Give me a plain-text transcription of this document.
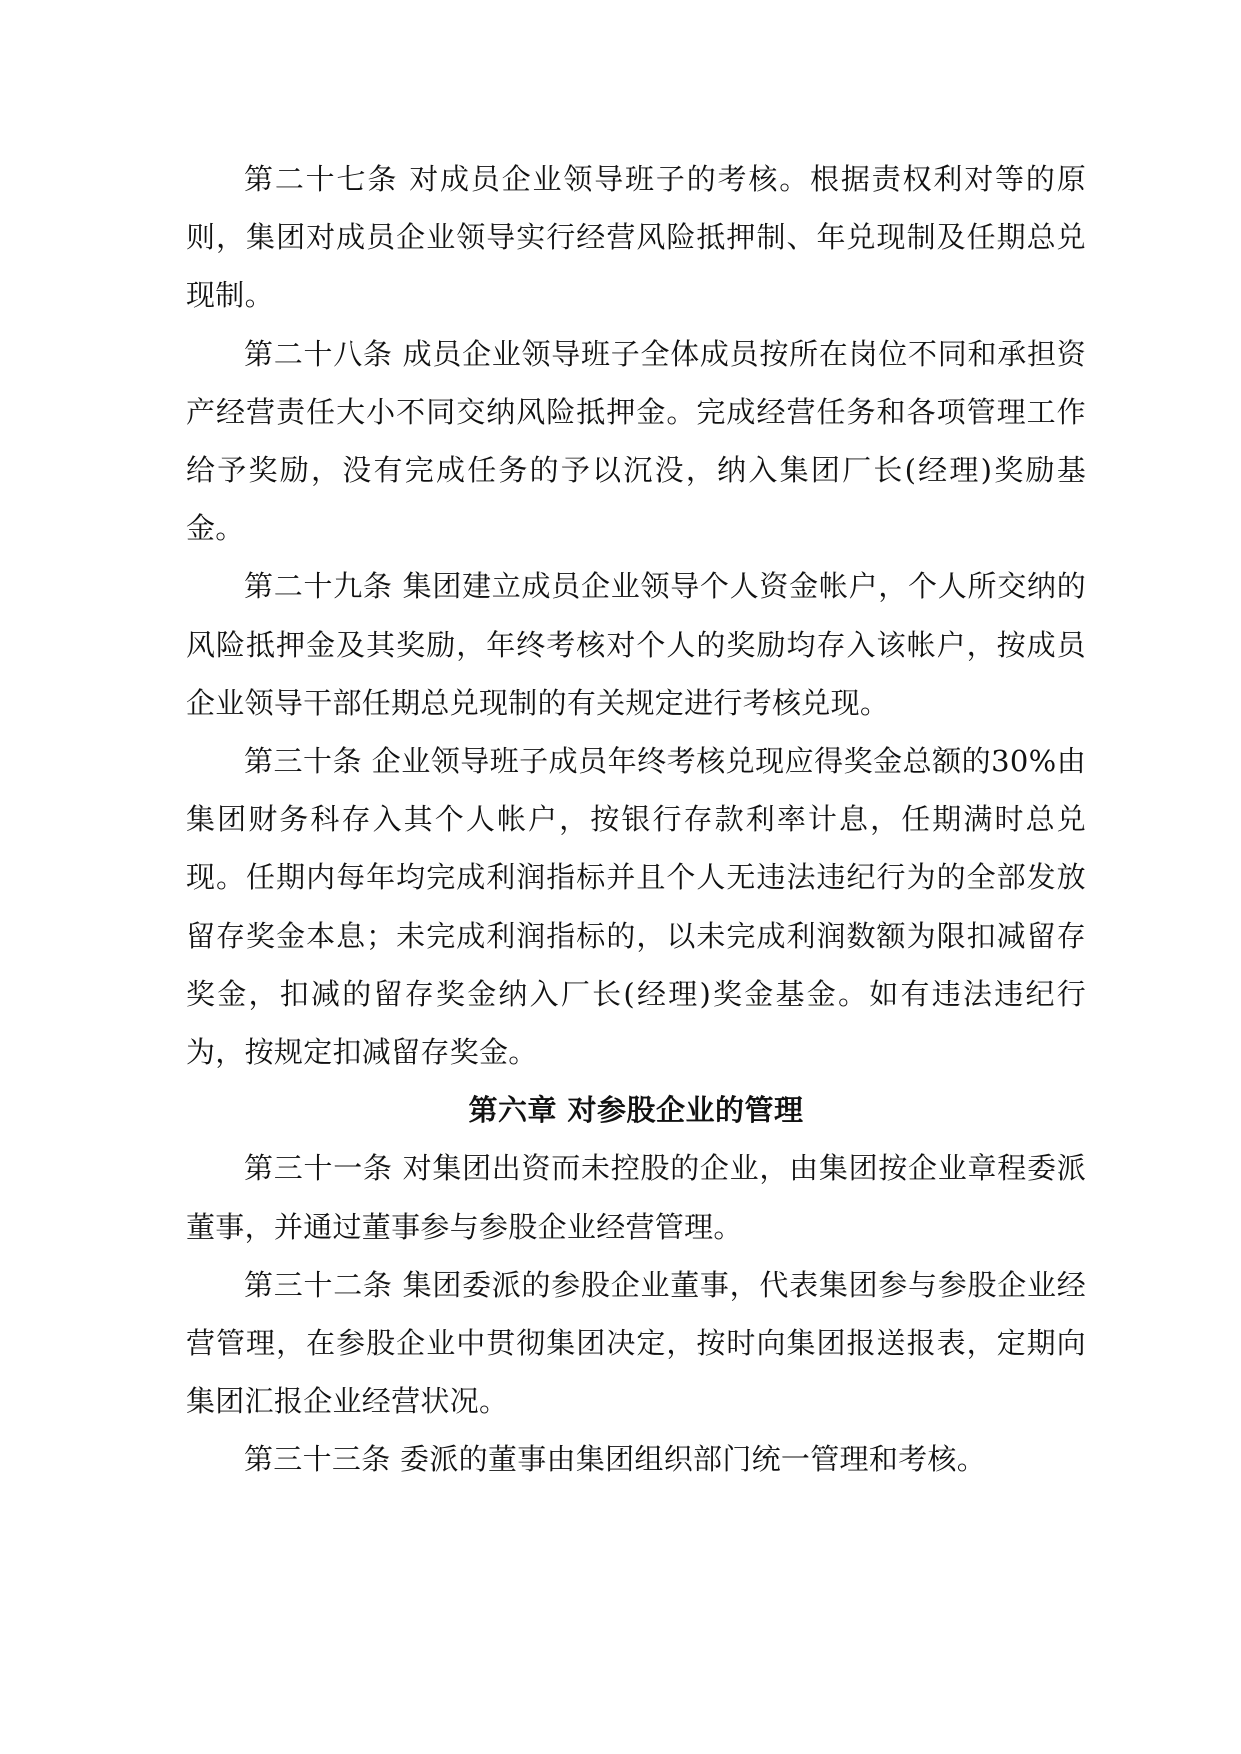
第二十七条 对成员企业领导班子的考核。根据责权利对等的原则，集团对成员企业领导实行经营风险抵押制、年兑现制及任期总兑现制。

第二十八条 成员企业领导班子全体成员按所在岗位不同和承担资产经营责任大小不同交纳风险抵押金。完成经营任务和各项管理工作给予奖励，没有完成任务的予以沉没，纳入集团厂长(经理)奖励基金。

第二十九条 集团建立成员企业领导个人资金帐户，个人所交纳的风险抵押金及其奖励，年终考核对个人的奖励均存入该帐户，按成员企业领导干部任期总兑现制的有关规定进行考核兑现。

第三十条 企业领导班子成员年终考核兑现应得奖金总额的30%由集团财务科存入其个人帐户，按银行存款利率计息，任期满时总兑现。任期内每年均完成利润指标并且个人无违法违纪行为的全部发放留存奖金本息；未完成利润指标的，以未完成利润数额为限扣减留存奖金，扣减的留存奖金纳入厂长(经理)奖金基金。如有违法违纪行为，按规定扣减留存奖金。

第六章 对参股企业的管理

第三十一条 对集团出资而未控股的企业，由集团按企业章程委派董事，并通过董事参与参股企业经营管理。

第三十二条 集团委派的参股企业董事，代表集团参与参股企业经营管理，在参股企业中贯彻集团决定，按时向集团报送报表，定期向集团汇报企业经营状况。

第三十三条 委派的董事由集团组织部门统一管理和考核。
